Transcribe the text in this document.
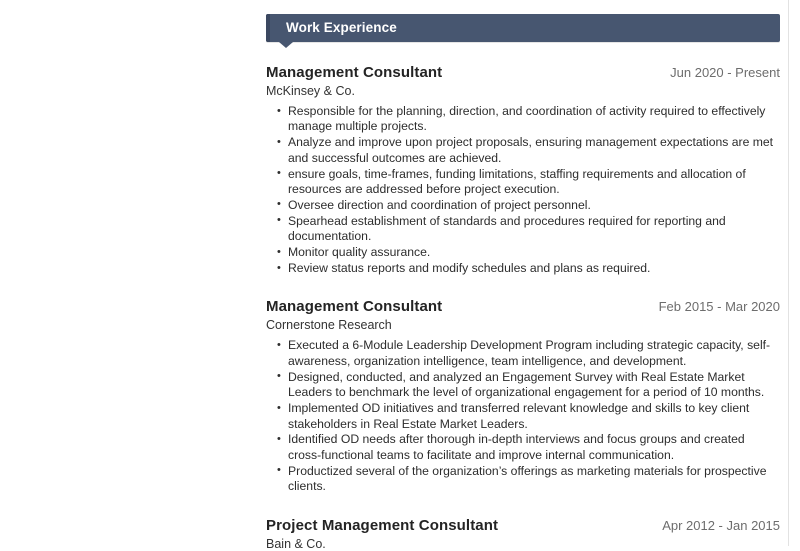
Work Experience
Management Consultant	Jun 2020 - Present
McKinsey & Co.
• Responsible for the planning, direction, and coordination of activity required to effectively manage multiple projects.
• Analyze and improve upon project proposals, ensuring management expectations are met and successful outcomes are achieved.
• ensure goals, time-frames, funding limitations, staffing requirements and allocation of resources are addressed before project execution.
• Oversee direction and coordination of project personnel.
• Spearhead establishment of standards and procedures required for reporting and documentation.
• Monitor quality assurance.
• Review status reports and modify schedules and plans as required.
Management Consultant	Feb 2015 - Mar 2020
Cornerstone Research
• Executed a 6-Module Leadership Development Program including strategic capacity, self-awareness, organization intelligence, team intelligence, and development.
• Designed, conducted, and analyzed an Engagement Survey with Real Estate Market Leaders to benchmark the level of organizational engagement for a period of 10 months.
• Implemented OD initiatives and transferred relevant knowledge and skills to key client stakeholders in Real Estate Market Leaders.
• Identified OD needs after thorough in-depth interviews and focus groups and created cross-functional teams to facilitate and improve internal communication.
• Productized several of the organization’s offerings as marketing materials for prospective clients.
Project Management Consultant	Apr 2012 - Jan 2015
Bain & Co.
